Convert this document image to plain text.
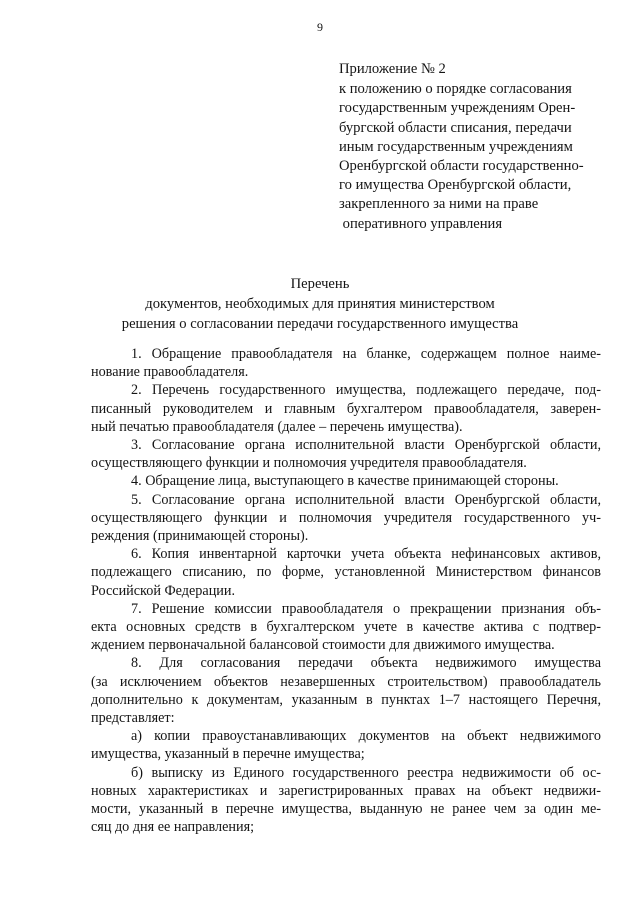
9
Приложение № 2
к положению о порядке согласования
государственным учреждениям Орен-
бургской области списания, передачи
иным государственным учреждениям
Оренбургской области государственно-
го имущества Оренбургской области,
закрепленного за ними на праве
оперативного управления
Перечень
документов, необходимых для принятия министерством
решения о согласовании передачи государственного имущества

1. Обращение правообладателя на бланке, содержащем полное наиме-
нование правообладателя.

2. Перечень государственного имущества, подлежащего передаче, под-
писанный руководителем и главным бухгалтером правообладателя, заверен-
ный печатью правообладателя (далее – перечень имущества).

3. Согласование органа исполнительной власти Оренбургской области,
осуществляющего функции и полномочия учредителя правообладателя.

4. Обращение лица, выступающего в качестве принимающей стороны.

5. Согласование органа исполнительной власти Оренбургской области,
осуществляющего функции и полномочия учредителя государственного уч-
реждения (принимающей стороны).

6. Копия инвентарной карточки учета объекта нефинансовых активов,
подлежащего списанию, по форме, установленной Министерством финансов
Российской Федерации.

7. Решение комиссии правообладателя о прекращении признания объ-
екта основных средств в бухгалтерском учете в качестве актива с подтвер-
ждением первоначальной балансовой стоимости для движимого имущества.

8. Для согласования передачи объекта недвижимого имущества
(за исключением объектов незавершенных строительством) правообладатель
дополнительно к документам, указанным в пунктах 1–7 настоящего Перечня,
представляет:

а) копии правоустанавливающих документов на объект недвижимого
имущества, указанный в перечне имущества;

б) выписку из Единого государственного реестра недвижимости об ос-
новных характеристиках и зарегистрированных правах на объект недвижи-
мости, указанный в перечне имущества, выданную не ранее чем за один ме-
сяц до дня ее направления;
